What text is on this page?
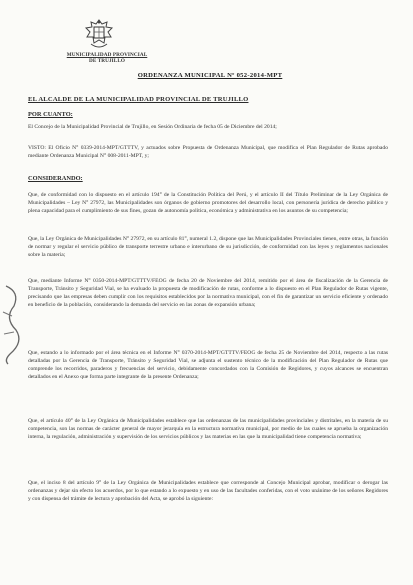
MUNICIPALIDAD PROVINCIAL
DE TRUJILLO
ORDENANZA MUNICIPAL Nº 052-2014-MPT
EL ALCALDE DE LA MUNICIPALIDAD PROVINCIAL DE TRUJILLO
POR CUANTO:
El Concejo de la Municipalidad Provincial de Trujillo, en Sesión Ordinaria de fecha 05 de Diciembre del 2014;
VISTO: El Oficio N° 0339-2014-MPT/GTTTV, y actuados sobre Propuesta de Ordenanza Municipal, que modifica el Plan Regulador de Rutas aprobado mediante Ordenanza Municipal N° 008-2011-MPT, y;
CONSIDERANDO:
Que, de conformidad con lo dispuesto en el artículo 194° de la Constitución Política del Perú, y el artículo II del Título Preliminar de la Ley Orgánica de Municipalidades – Ley N° 27972, las Municipalidades son órganos de gobierno promotores del desarrollo local, con personería jurídica de derecho público y plena capacidad para el cumplimiento de sus fines, gozan de autonomía política, económica y administrativa en los asuntos de su competencia;
Que, la Ley Orgánica de Municipalidades N° 27972, en su artículo 81°, numeral 1.2, dispone que las Municipalidades Provinciales tienen, entre otras, la función de normar y regular el servicio público de transporte terrestre urbano e interurbano de su jurisdicción, de conformidad con las leyes y reglamentos nacionales sobre la materia;
Que, mediante Informe N° 0350-2014-MPT/GTTTV/FEOG de fecha 20 de Noviembre del 2014, remitido por el área de fiscalización de la Gerencia de Transporte, Tránsito y Seguridad Vial, se ha evaluado la propuesta de modificación de rutas, conforme a lo dispuesto en el Plan Regulador de Rutas vigente, precisando que las empresas deben cumplir con los requisitos establecidos por la normativa municipal, con el fin de garantizar un servicio eficiente y ordenado en beneficio de la población, considerando la demanda del servicio en las zonas de expansión urbana;
Que, estando a lo informado por el área técnica en el Informe N° 0370-2014-MPT/GTTTV/FEOG de fecha 25 de Noviembre del 2014, respecto a las rutas detalladas por la Gerencia de Transporte, Tránsito y Seguridad Vial, se adjunta el sustento técnico de la modificación del Plan Regulador de Rutas que comprende los recorridos, paraderos y frecuencias del servicio, debidamente concordados con la Comisión de Regidores, y cuyos alcances se encuentran detallados en el Anexo que forma parte integrante de la presente Ordenanza;
Que, el artículo 40° de la Ley Orgánica de Municipalidades establece que las ordenanzas de las municipalidades provinciales y distritales, en la materia de su competencia, son las normas de carácter general de mayor jerarquía en la estructura normativa municipal, por medio de las cuales se aprueba la organización interna, la regulación, administración y supervisión de los servicios públicos y las materias en las que la municipalidad tiene competencia normativa;
Que, el inciso 8 del artículo 9° de la Ley Orgánica de Municipalidades establece que corresponde al Concejo Municipal aprobar, modificar o derogar las ordenanzas y dejar sin efecto los acuerdos, por lo que estando a lo expuesto y en uso de las facultades conferidas, con el voto unánime de los señores Regidores y con dispensa del trámite de lectura y aprobación del Acta, se aprobó la siguiente:
